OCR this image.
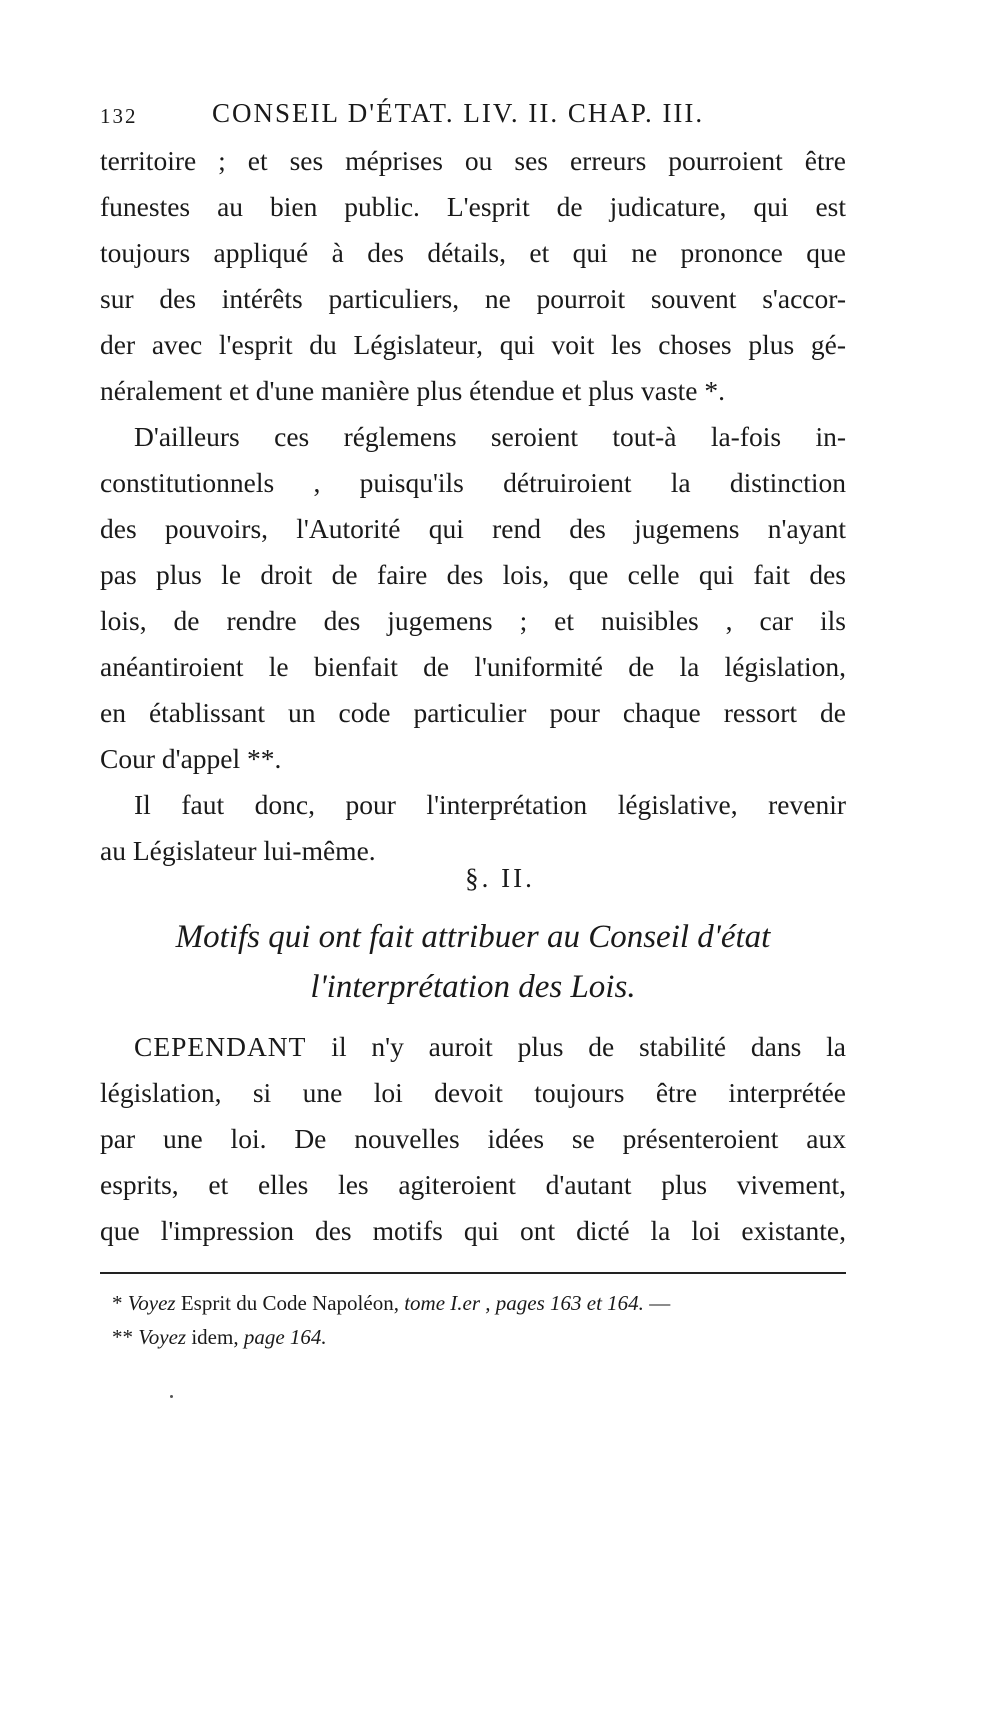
132	CONSEIL D'ÉTAT. LIV. II. CHAP. III.

territoire ; et ses méprises ou ses erreurs pourroient être
funestes au bien public. L'esprit de judicature, qui est
toujours appliqué à des détails, et qui ne prononce que
sur des intérêts particuliers, ne pourroit souvent s'accor-
der avec l'esprit du Législateur, qui voit les choses plus gé-
néralement et d'une manière plus étendue et plus vaste *.

D'ailleurs ces réglemens seroient tout-à la-fois in-
constitutionnels , puisqu'ils détruiroient la distinction
des pouvoirs, l'Autorité qui rend des jugemens n'ayant
pas plus le droit de faire des lois, que celle qui fait des
lois, de rendre des jugemens ; et nuisibles , car ils
anéantiroient le bienfait de l'uniformité de la législation,
en établissant un code particulier pour chaque ressort de
Cour d'appel **.

Il faut donc, pour l'interprétation législative, revenir
au Législateur lui-même.

§. II.
Motifs qui ont fait attribuer au Conseil d'état
l'interprétation des Lois.

CEPENDANT il n'y auroit plus de stabilité dans la
législation, si une loi devoit toujours être interprétée
par une loi. De nouvelles idées se présenteroient aux
esprits, et elles les agiteroient d'autant plus vivement,
que l'impression des motifs qui ont dicté la loi existante,

* Voyez Esprit du Code Napoléon, tome I.er , pages 163 et 164. —
** Voyez idem, page 164.
